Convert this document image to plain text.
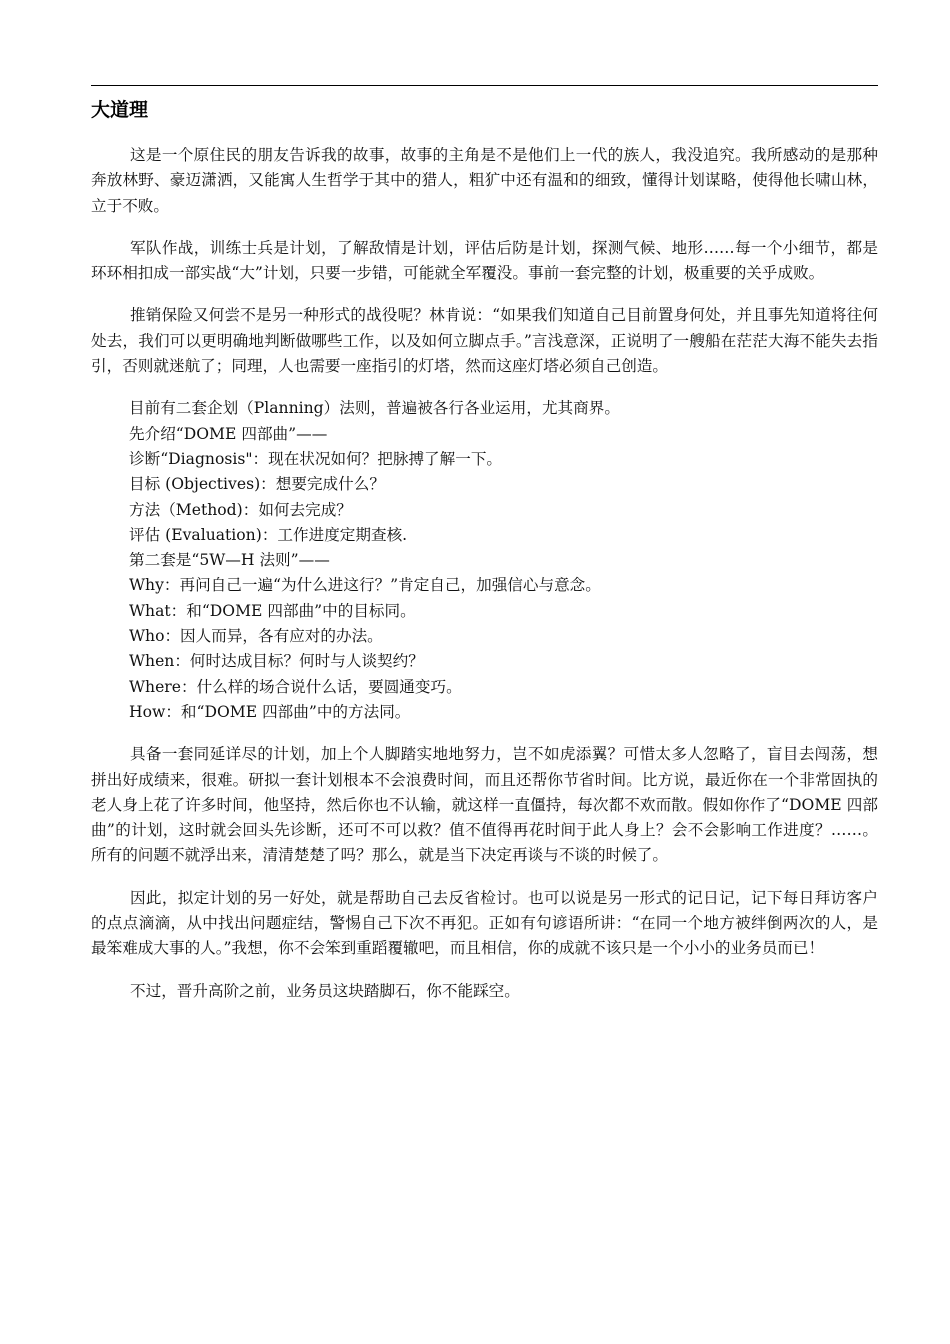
大道理

这是一个原住民的朋友告诉我的故事，故事的主角是不是他们上一代的族人，我没追究。我所感动的是那种奔放林野、豪迈潇洒，又能寓人生哲学于其中的猎人，粗犷中还有温和的细致，懂得计划谋略，使得他长啸山林，立于不败。

军队作战，训练士兵是计划，了解敌情是计划，评估后防是计划，探测气候、地形……每一个小细节，都是环环相扣成一部实战“大”计划，只要一步错，可能就全军覆没。事前一套完整的计划，极重要的关乎成败。

推销保险又何尝不是另一种形式的战役呢？林肯说：“如果我们知道自己目前置身何处，并且事先知道将往何处去，我们可以更明确地判断做哪些工作，以及如何立脚点手。”言浅意深，正说明了一艘船在茫茫大海不能失去指引，否则就迷航了；同理，人也需要一座指引的灯塔，然而这座灯塔必须自己创造。

目前有二套企划（Planning）法则，普遍被各行各业运用，尤其商界。
先介绍“DOME 四部曲”——
诊断“Diagnosis"：现在状况如何？把脉搏了解一下。
目标 (Objectives)：想要完成什么？
方法（Method)：如何去完成？
评估 (Evaluation)：工作进度定期查核.
第二套是“5W—H 法则”——
Why：再问自己一遍“为什么进这行？”肯定自己，加强信心与意念。
What：和“DOME 四部曲”中的目标同。
Who：因人而异，各有应对的办法。
When：何时达成目标？何时与人谈契约？
Where：什么样的场合说什么话，要圆通变巧。
How：和“DOME 四部曲”中的方法同。

具备一套同延详尽的计划，加上个人脚踏实地地努力，岂不如虎添翼？可惜太多人忽略了，盲目去闯荡，想拼出好成绩来，很难。研拟一套计划根本不会浪费时间，而且还帮你节省时间。比方说，最近你在一个非常固执的老人身上花了许多时间，他坚持，然后你也不认输，就这样一直僵持，每次都不欢而散。假如你作了“DOME 四部曲”的计划，这时就会回头先诊断，还可不可以救？值不值得再花时间于此人身上？会不会影响工作进度？……。所有的问题不就浮出来，清清楚楚了吗？那么，就是当下决定再谈与不谈的时候了。

因此，拟定计划的另一好处，就是帮助自己去反省检讨。也可以说是另一形式的记日记，记下每日拜访客户的点点滴滴，从中找出问题症结，警惕自己下次不再犯。正如有句谚语所讲：“在同一个地方被绊倒两次的人，是最笨难成大事的人。”我想，你不会笨到重蹈覆辙吧，而且相信，你的成就不该只是一个小小的业务员而已！

不过，晋升高阶之前，业务员这块踏脚石，你不能踩空。
